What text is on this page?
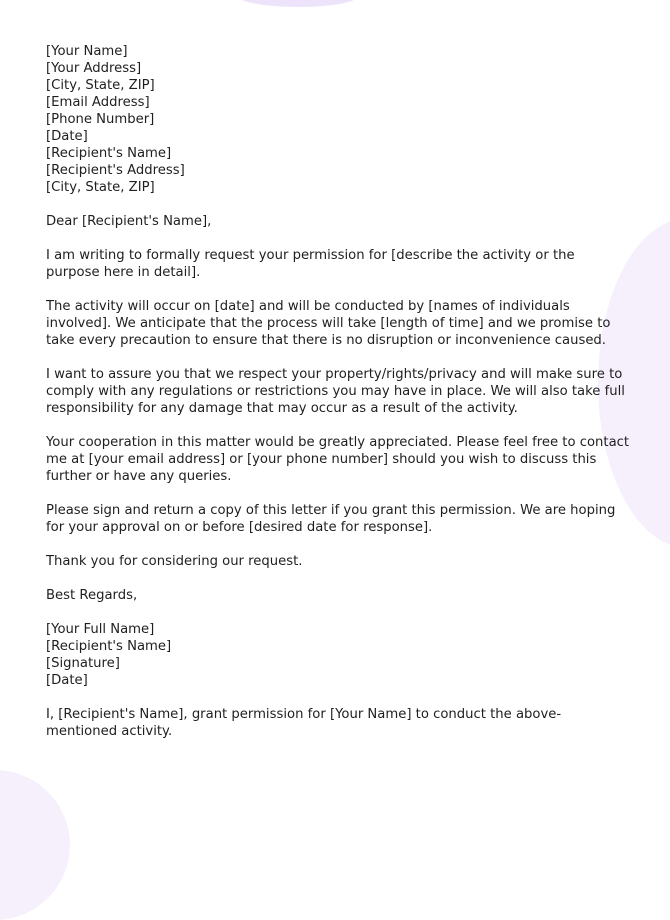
[Your Name]
[Your Address]
[City, State, ZIP]
[Email Address]
[Phone Number]
[Date]
[Recipient's Name]
[Recipient's Address]
[City, State, ZIP]

Dear [Recipient's Name],

I am writing to formally request your permission for [describe the activity or the purpose here in detail].

The activity will occur on [date] and will be conducted by [names of individuals involved]. We anticipate that the process will take [length of time] and we promise to take every precaution to ensure that there is no disruption or inconvenience caused.

I want to assure you that we respect your property/rights/privacy and will make sure to comply with any regulations or restrictions you may have in place. We will also take full responsibility for any damage that may occur as a result of the activity.

Your cooperation in this matter would be greatly appreciated. Please feel free to contact me at [your email address] or [your phone number] should you wish to discuss this further or have any queries.

Please sign and return a copy of this letter if you grant this permission. We are hoping for your approval on or before [desired date for response].

Thank you for considering our request.

Best Regards,

[Your Full Name]
[Recipient's Name]
[Signature]
[Date]

I, [Recipient's Name], grant permission for [Your Name] to conduct the above-mentioned activity.
